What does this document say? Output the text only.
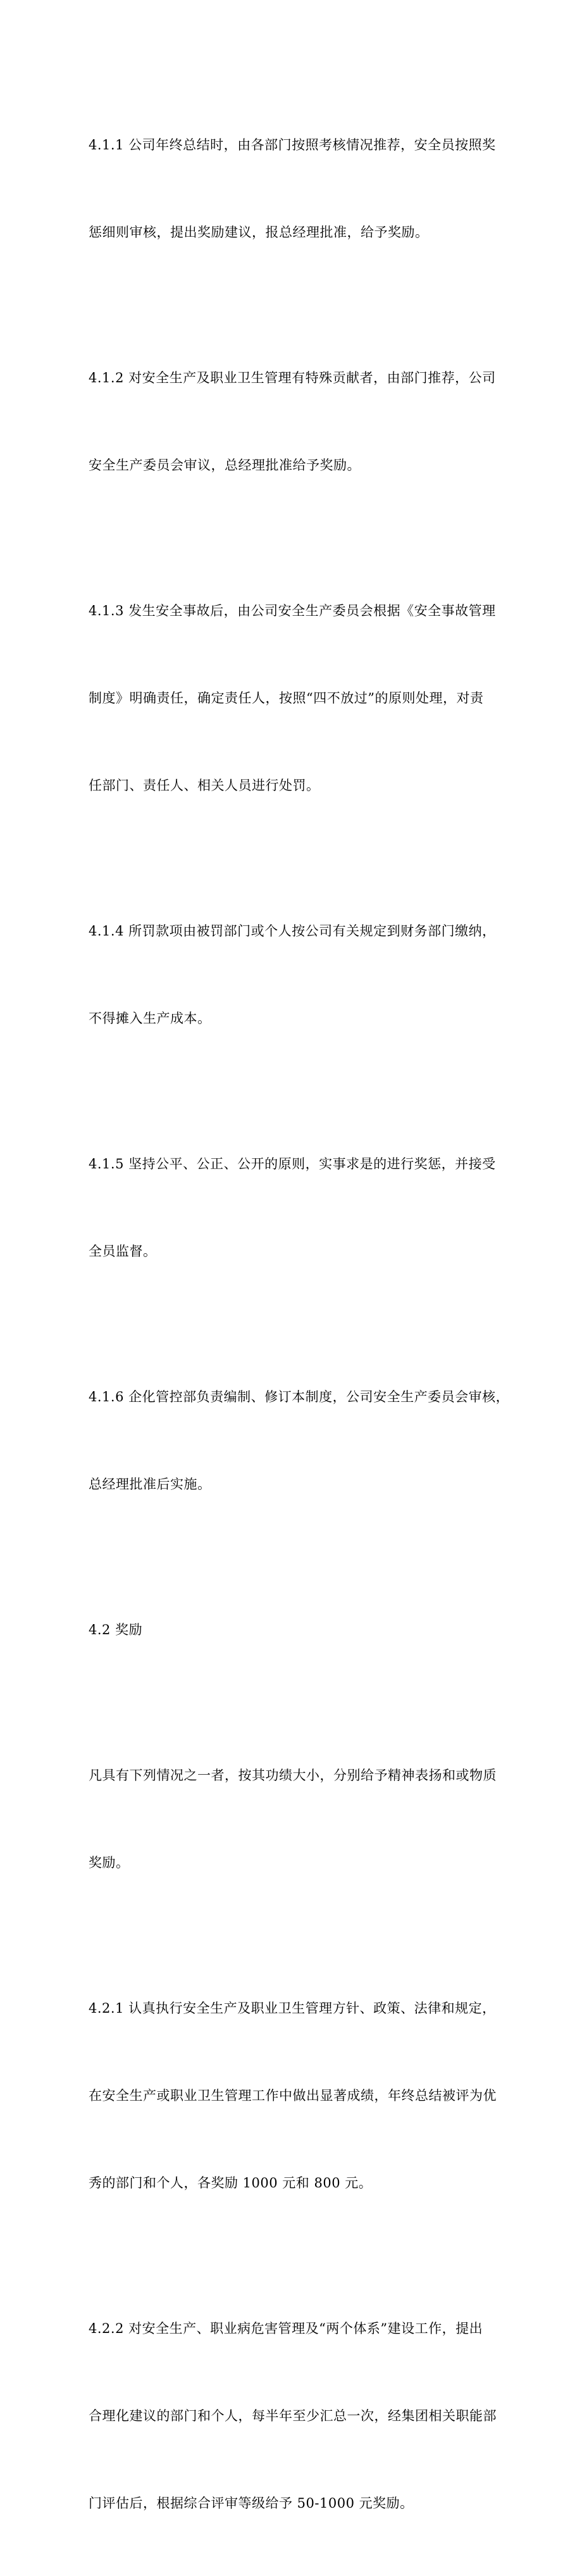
4.1.1 公司年终总结时，由各部门按照考核情况推荐，安全员按照奖

惩细则审核，提出奖励建议，报总经理批准，给予奖励。

4.1.2 对安全生产及职业卫生管理有特殊贡献者，由部门推荐，公司

安全生产委员会审议，总经理批准给予奖励。

4.1.3 发生安全事故后，由公司安全生产委员会根据《安全事故管理

制度》明确责任，确定责任人，按照“四不放过”的原则处理，对责

任部门、责任人、相关人员进行处罚。

4.1.4 所罚款项由被罚部门或个人按公司有关规定到财务部门缴纳，

不得摊入生产成本。

4.1.5 坚持公平、公正、公开的原则，实事求是的进行奖惩，并接受

全员监督。

4.1.6 企化管控部负责编制、修订本制度，公司安全生产委员会审核，

总经理批准后实施。

4.2 奖励

凡具有下列情况之一者，按其功绩大小，分别给予精神表扬和或物质

奖励。

4.2.1 认真执行安全生产及职业卫生管理方针、政策、法律和规定，

在安全生产或职业卫生管理工作中做出显著成绩，年终总结被评为优

秀的部门和个人，各奖励 1000 元和 800 元。

4.2.2 对安全生产、职业病危害管理及“两个体系”建设工作，提出

合理化建议的部门和个人，每半年至少汇总一次，经集团相关职能部

门评估后，根据综合评审等级给予 50-1000 元奖励。
